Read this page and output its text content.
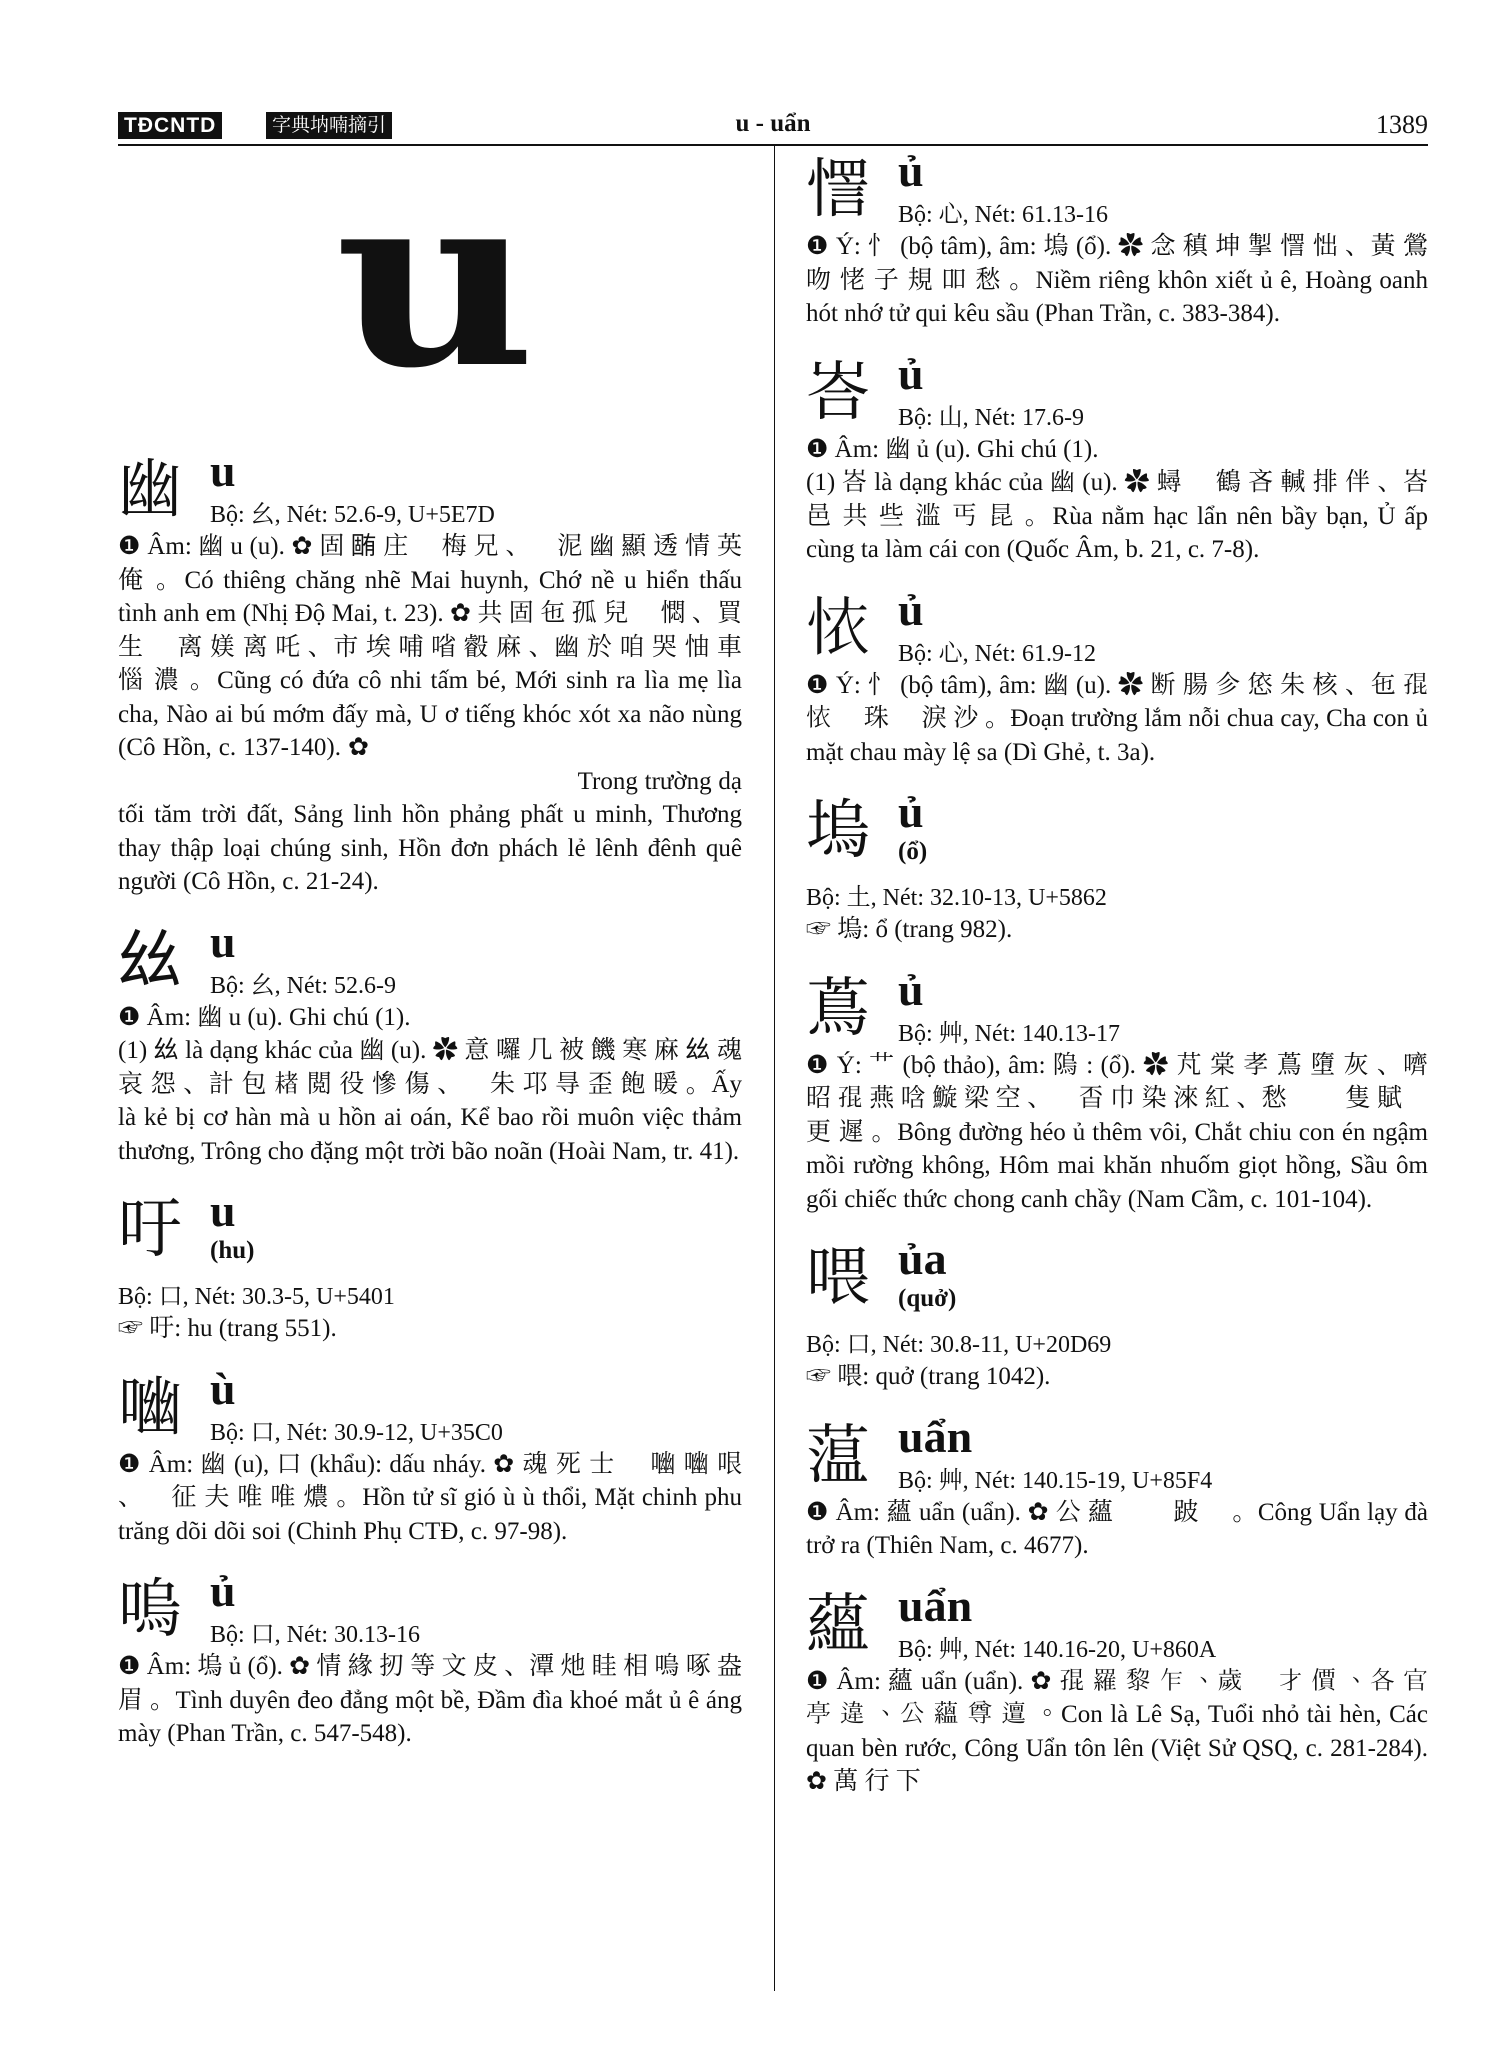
TĐCNTD	字典㘨喃摘引	u - uẩn	1389
u
幽 u
Bộ: 幺, Nét: 52.6-9, U+5E7D

❶ Âm: 幽 u (u). ✿ 固 𣎏 庄 𩙌 梅 兄 、𣹓 泥 幽 顯 透 情 英 俺 。Có thiêng chăng nhẽ Mai huynh, Chớ nề u hiển thấu tình anh em (Nhị Độ Mai, t. 23). ✿ 共 固 㐌 孤 兒 𢚸 㦖 、買 生 𦊚 离 媄 离 吒 、市 埃 哺 㗂 㲊 麻 、幽 於 咱 哭 怞 車 惱 濃 。Cũng có đứa cô nhi tấm bé, Mới sinh ra lìa mẹ lìa cha, Nào ai bú mớm đấy mà, U ơ tiếng khóc xót xa não nùng (Cô Hồn, c. 137-140). ✿ 𨷑 長 夜 最 𢚸 歪 坦 、爽 靈 魂 彷 彿 幽 冥 、傷 台 十 類 眾 生 、魂 單 魄 襪 冷 汀 圭 𠊛 。Trong trường dạ tối tăm trời đất, Sảng linh hồn phảng phất u minh, Thương thay thập loại chúng sinh, Hồn đơn phách lẻ lênh đênh quê người (Cô Hồn, c. 21-24).

𢆶 u
Bộ: 幺, Nét: 52.6-9

❶ Âm: 幽 u (u). Ghi chú (1).

(1) 𢆶 là dạng khác của 幽 (u). ✿ 意 囉 几 被 饑 寒 麻 𢆶 魂 哀 怨 、計 包 𣗓 閲 役 慘 傷 、𥉩 朱 邛 㝵 歪 飽 暖 。Ấy là kẻ bị cơ hàn mà u hồn ai oán, Kể bao rồi muôn việc thảm thương, Trông cho đặng một trời bão noãn (Hoài Nam, tr. 41).

吁 u
(hu)
Bộ: 口, Nét: 30.3-5, U+5401

☞ 吁: hu (trang 551).

㗀 ù
Bộ: 口, Nét: 30.9-12, U+35C0

❶ Âm: 幽 (u), 口 (khẩu): dấu nháy. ✿ 魂 死 士 𦠘 㗀 㗀 哏 、𢃊 征 夫 唯 唯 燶 。Hồn tử sĩ gió ù ù thổi, Mặt chinh phu trăng dõi dõi soi (Chinh Phụ CTĐ, c. 97-98).

嗚 ủ
Bộ: 口, Nét: 30.13-16

❶ Âm: 塢 ủ (ổ). ✿ 情 緣 扨 等 文 皮 、潭 灺 眭 相 嗚 啄 盎 眉 。Tình duyên đeo đẳng một bề, Đầm đìa khoé mắt ủ ê áng mày (Phan Trần, c. 547-548).

㦒 ủ
Bộ: 心, Nét: 61.13-16

❶ Ý: 忄 (bộ tâm), âm: 塢 (ổ). ✿ 念 稹 坤 掣 㦒 㤕 、黃 鶯 吻 恅 子 規 吅 愁 。Niềm riêng khôn xiết ủ ê, Hoàng oanh hót nhớ tử qui kêu sầu (Phan Trần, c. 383-384).

峇 ủ
Bộ: 山, Nét: 17.6-9

❶ Âm: 幽 ủ (u). Ghi chú (1).

(1) 峇 là dạng khác của 幽 (u). ✿ 蟳 𩛂 鶴 吝 輱 排 伴 、峇 邑 共 些 滥 丐 昆 。Rùa nằm hạc lẩn nên bầy bạn, Ủ ấp cùng ta làm cái con (Quốc Âm, b. 21, c. 7-8).

𢙇 ủ
Bộ: 心, Nét: 61.9-12

❶ Ý: 忄 (bộ tâm), âm: 幽 (u). ✿ 断 腸 㐱 㥋 朱 核 、㐌 𡥵 𢙇 𩈘 珠 𨁪 淚 沙 。Đoạn trường lắm nỗi chua cay, Cha con ủ mặt chau mày lệ sa (Dì Ghẻ, t. 3a).

塢 ủ
(ổ)
Bộ: 土, Nét: 32.10-13, U+5862

☞ 塢: ổ (trang 982).

蔦 ủ
Bộ: 艸, Nét: 140.13-17

❶ Ý: 艹 (bộ thảo), âm: 隖 : (ổ). ✿ 芃 棠 孝 蔦 墮 灰 、嚌 昭 𡥵 燕 唅 䲂 梁 空 、𣋚 㫘 巾 染 淶 紅 、愁 𡑝 𦊛 隻 賦 𤈜 更 遲 。Bông đường héo ủ thêm vôi, Chắt chiu con én ngậm mồi rường không, Hôm mai khăn nhuốm giọt hồng, Sầu ôm gối chiếc thức chong canh chầy (Nam Cầm, c. 101-104).

喂 ủa
(quở)
Bộ: 口, Nét: 30.8-11, U+20D69

☞ 喂: quở (trang 1042).

蕰 uẩn
Bộ: 艸, Nét: 140.15-19, U+85F4

❶ Âm: 蘊 uẩn (uẩn). ✿ 公 蘊 𢫝 𠀧 跛 𡎝 。Công Uẩn lạy đà trở ra (Thiên Nam, c. 4677).

蘊 uẩn
Bộ: 艸, Nét: 140.16-20, U+860A

❶ Âm: 蘊 uẩn (uẩn). ✿ 𡥵 羅 黎 乍 、歲 𡮈 才 價 、各 官 𠅘 違 、公 蘊 尊 邅 。Con là Lê Sạ, Tuổi nhỏ tài hèn, Các quan bèn rước, Công Uẩn tôn lên (Việt Sử QSQ, c. 281-284). ✿ 萬 行 下
